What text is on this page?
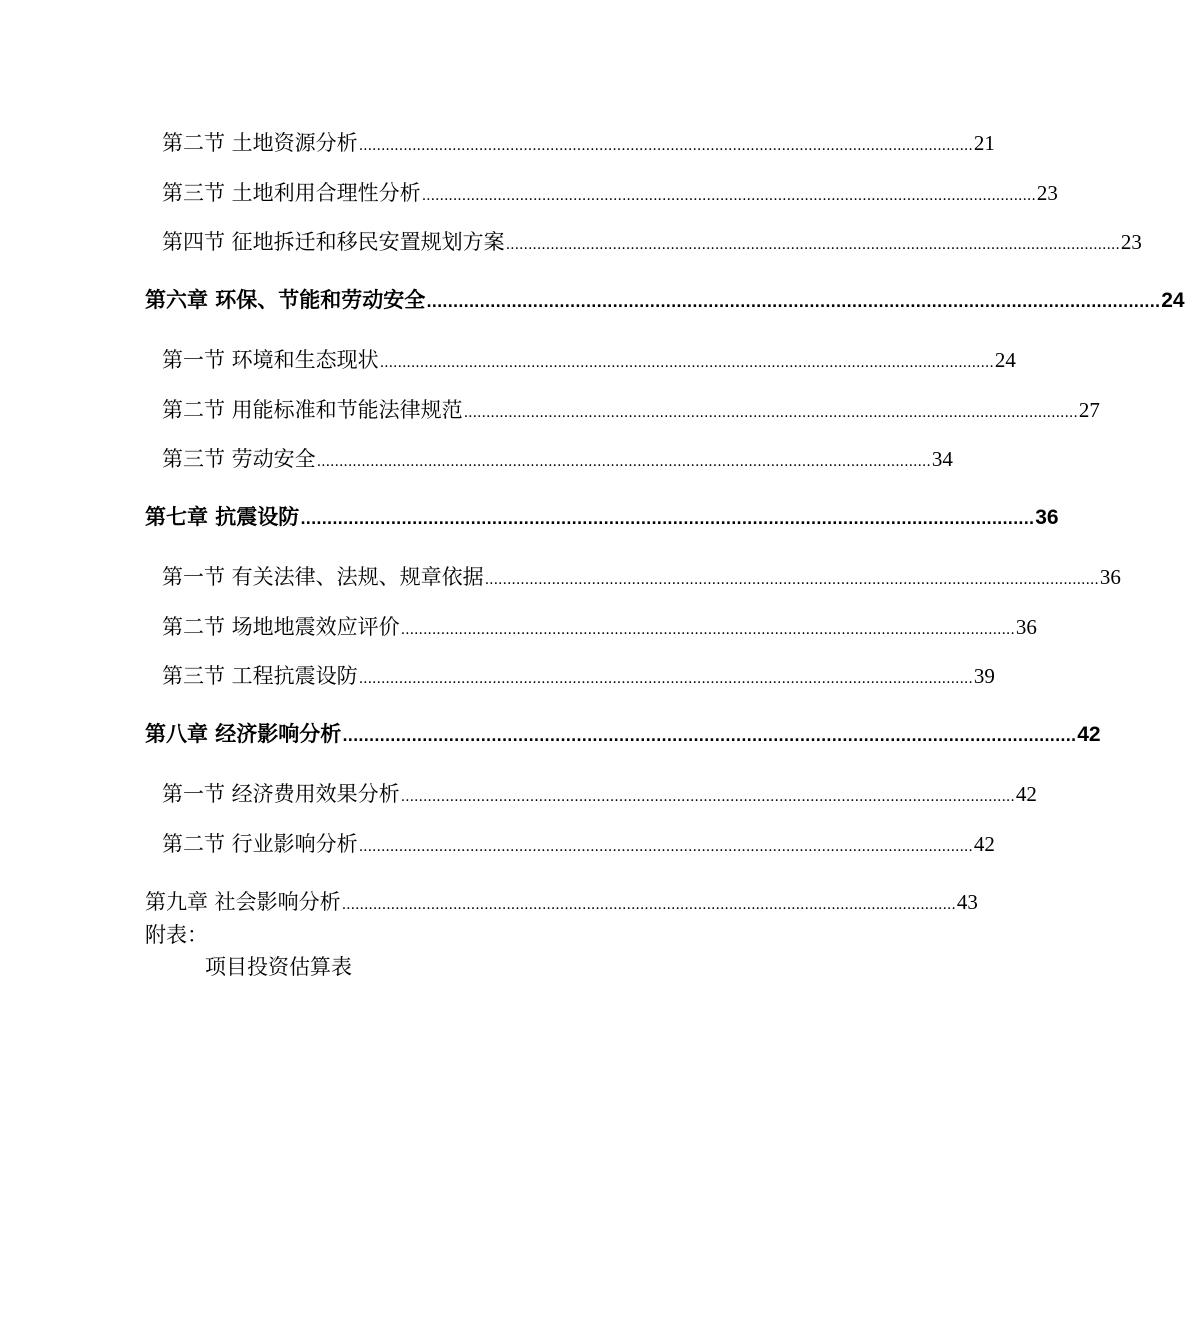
第二节 土地资源分析 .......................................................................................................................................... 21
第三节 土地利用合理性分析 .......................................................................................................................................... 23
第四节 征地拆迁和移民安置规划方案 .......................................................................................................................................... 23
第六章 环保、节能和劳动安全 .......................................................................................................................................... 24
第一节 环境和生态现状 .......................................................................................................................................... 24
第二节 用能标准和节能法律规范 .......................................................................................................................................... 27
第三节 劳动安全 .......................................................................................................................................... 34
第七章 抗震设防 .......................................................................................................................................... 36
第一节 有关法律、法规、规章依据 .......................................................................................................................................... 36
第二节 场地地震效应评价 .......................................................................................................................................... 36
第三节 工程抗震设防 .......................................................................................................................................... 39
第八章 经济影响分析 .......................................................................................................................................... 42
第一节 经济费用效果分析 .......................................................................................................................................... 42
第二节 行业影响分析 .......................................................................................................................................... 42
第九章 社会影响分析 .......................................................................................................................................... 43
附表：
项目投资估算表
